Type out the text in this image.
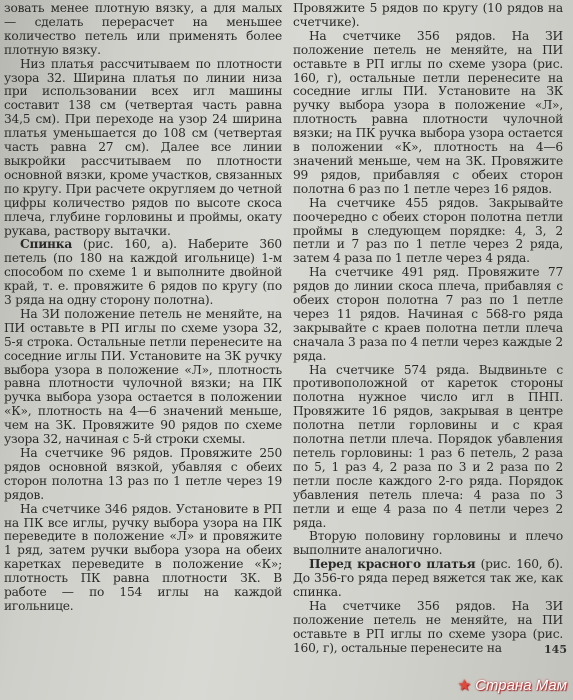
зовать менее плотную вязку, а для малых — сделать перерасчет на меньшее количество петель или применять более плотную вязку.

Низ платья рассчитываем по плотности узора 32. Ширина платья по линии низа при использовании всех игл машины составит 138 см (четвертая часть равна 34,5 см). При переходе на узор 24 ширина платья уменьшается до 108 см (четвертая часть равна 27 см). Далее все линии выкройки рассчитываем по плотности основной вязки, кроме участков, связанных по кругу. При расчете округляем до четной цифры количество рядов по высоте скоса плеча, глубине горловины и проймы, окату рукава, раствору вытачки.

Спинка (рис. 160, а). Наберите 360 петель (по 180 на каждой игольнице) 1-м способом по схеме 1 и выполните двойной край, т. е. провяжите 6 рядов по кругу (по 3 ряда на одну сторону полотна).

На ЗИ положение петель не меняйте, на ПИ оставьте в РП иглы по схеме узора 32, 5-я строка. Остальные петли перенесите на соседние иглы ПИ. Установите на ЗК ручку выбора узора в положение «Л», плотность равна плотности чулочной вязки; на ПК ручка выбора узора остается в положении «К», плотность на 4—6 значений меньше, чем на ЗК. Провяжите 90 рядов по схеме узора 32, начиная с 5-й строки схемы.

На счетчике 96 рядов. Провяжите 250 рядов основной вязкой, убавляя с обеих сторон полотна 13 раз по 1 петле через 19 рядов.

На счетчике 346 рядов. Установите в РП на ПК все иглы, ручку выбора узора на ПК переведите в положение «Л» и провяжите 1 ряд, затем ручки выбора узора на обеих каретках переведите в положение «К»; плотность ПК равна плотности ЗК. В работе — по 154 иглы на каждой игольнице.

Провяжите 5 рядов по кругу (10 рядов на счетчике).

На счетчике 356 рядов. На ЗИ положение петель не меняйте, на ПИ оставьте в РП иглы по схеме узора (рис. 160, г), остальные петли перенесите на соседние иглы ПИ. Установите на ЗК ручку выбора узора в положение «Л», плотность равна плотности чулочной вязки; на ПК ручка выбора узора остается в положении «К», плотность на 4—6 значений меньше, чем на ЗК. Провяжите 99 рядов, прибавляя с обеих сторон полотна 6 раз по 1 петле через 16 рядов.

На счетчике 455 рядов. Закрывайте поочередно с обеих сторон полотна петли проймы в следующем порядке: 4, 3, 2 петли и 7 раз по 1 петле через 2 ряда, затем 4 раза по 1 петле через 4 ряда.

На счетчике 491 ряд. Провяжите 77 рядов до линии скоса плеча, прибавляя с обеих сторон полотна 7 раз по 1 петле через 11 рядов. Начиная с 568-го ряда закрывайте с краев полотна петли плеча сначала 3 раза по 4 петли через каждые 2 ряда.

На счетчике 574 ряда. Выдвиньте с противоположной от кареток стороны полотна нужное число игл в ПНП. Провяжите 16 рядов, закрывая в центре полотна петли горловины и с края полотна петли плеча. Порядок убавления петель горловины: 1 раз 6 петель, 2 раза по 5, 1 раз 4, 2 раза по 3 и 2 раза по 2 петли после каждого 2-го ряда. Порядок убавления петель плеча: 4 раза по 3 петли и еще 4 раза по 4 петли через 2 ряда.

Вторую половину горловины и плечо выполните аналогично.

Перед красного платья (рис. 160, б). До 356-го ряда перед вяжется так же, как спинка.

На счетчике 356 рядов. На ЗИ положение петель не меняйте, на ПИ оставьте в РП иглы по схеме узора (рис. 160, г), остальные перенесите на	145
★ Страна Мам
